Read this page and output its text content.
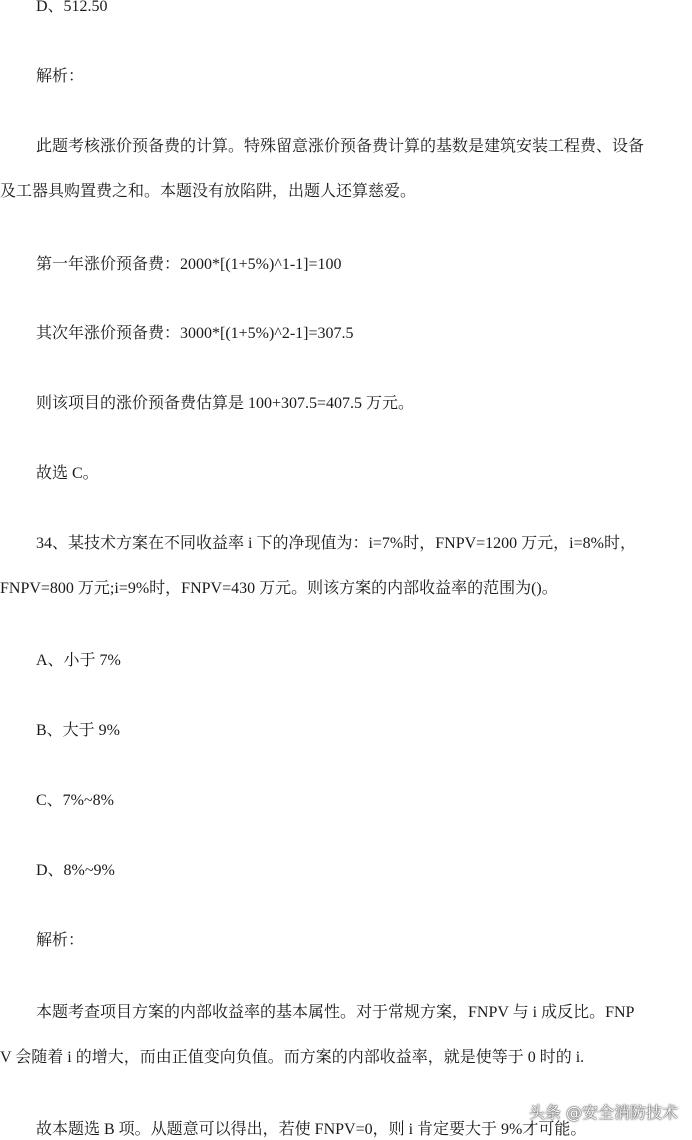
D、512.50
解析：
此题考核涨价预备费的计算。特殊留意涨价预备费计算的基数是建筑安装工程费、设备
及工器具购置费之和。本题没有放陷阱，出题人还算慈爱。
第一年涨价预备费：2000*[(1+5%)^1-1]=100
其次年涨价预备费：3000*[(1+5%)^2-1]=307.5
则该项目的涨价预备费估算是 100+307.5=407.5 万元。
故选 C。
34、某技术方案在不同收益率 i 下的净现值为：i=7%时，FNPV=1200 万元，i=8%时，
FNPV=800 万元;i=9%时，FNPV=430 万元。则该方案的内部收益率的范围为()。
A、小于 7%
B、大于 9%
C、7%~8%
D、8%~9%
解析：
本题考查项目方案的内部收益率的基本属性。对于常规方案，FNPV 与 i 成反比。FNP
V 会随着 i 的增大，而由正值变向负值。而方案的内部收益率，就是使等于 0 时的 i.
故本题选 B 项。从题意可以得出，若使 FNPV=0，则 i 肯定要大于 9%才可能。
头条 @安全消防技术
